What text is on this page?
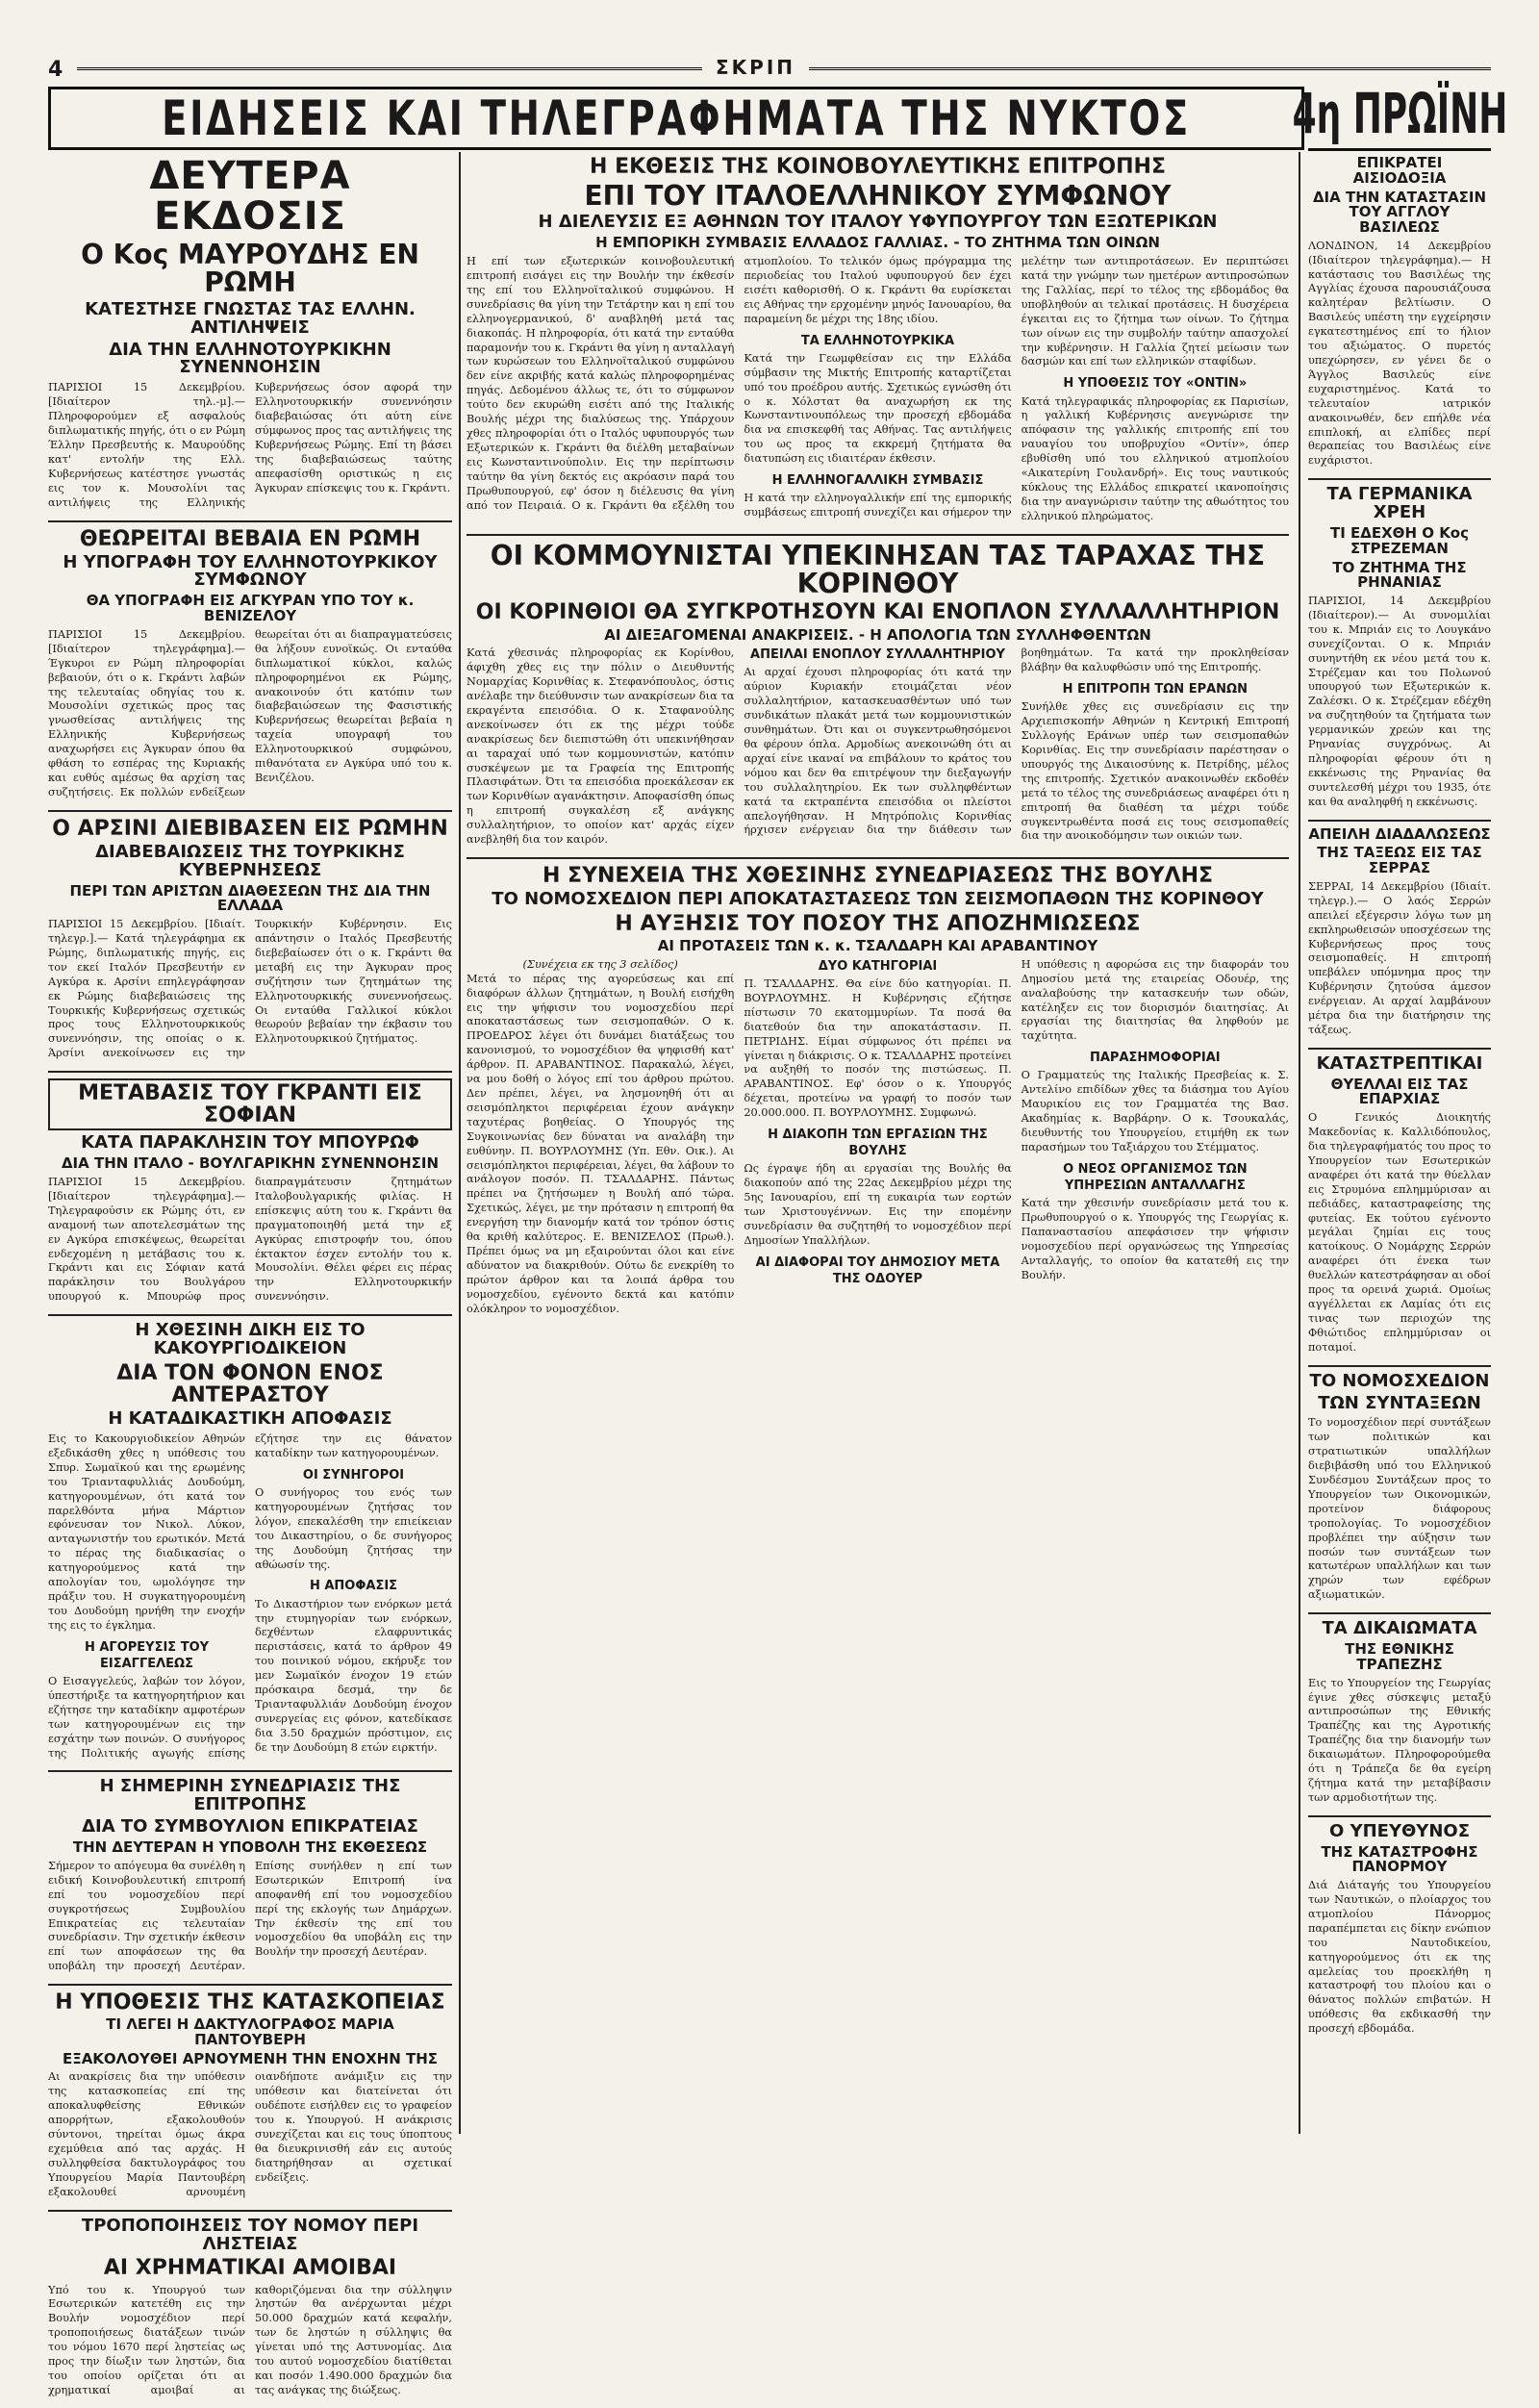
4	ΣΚΡΙΠ
ΕΙΔΗΣΕΙΣ ΚΑΙ ΤΗΛΕΓΡΑΦΗΜΑΤΑ ΤΗΣ ΝΥΚΤΟΣ 4η ΠΡΩΪΝΗ
ΔΕΥΤΕΡΑ ΕΚΔΟΣΙΣ
Ο Κος ΜΑΥΡΟΥΔΗΣ ΕΝ ΡΩΜΗ
ΚΑΤΕΣΤΗΣΕ ΓΝΩΣΤΑΣ ΤΑΣ ΕΛΛΗΝ. ΑΝΤΙΛΗΨΕΙΣ
ΔΙΑ ΤΗΝ ΕΛΛΗΝΟΤΟΥΡΚΙΚΗΝ ΣΥΝΕΝΝΟΗΣΙΝ
ΠΑΡΙΣΙΟΙ 15 Δεκεμβρίου. [Ιδιαίτερον τηλ.-μ].— Πληροφορούμεν εξ ασφαλούς διπλωματικής πηγής, ότι ο εν Ρώμη Έλλην Πρεσβευτής κ. Μαυρούδης κατ' εντολήν της Ελλ. Κυβερνήσεως κατέστησε γνωστάς εις τον κ. Μουσολίνι τας αντιλήψεις της Ελληνικής Κυβερνήσεως όσον αφορά την Ελληνοτουρκικήν συνεννόησιν διαβεβαιώσας ότι αύτη είνε σύμφωνος προς τας αντιλήψεις της Κυβερνήσεως Ρώμης. Επί τη βάσει της διαβεβαιώσεως ταύτης απεφασίσθη οριστικώς η εις Άγκυραν επίσκεψις του κ. Γκράντι.
ΘΕΩΡΕΙΤΑΙ ΒΕΒΑΙΑ ΕΝ ΡΩΜΗ
Η ΥΠΟΓΡΑΦΗ ΤΟΥ ΕΛΛΗΝΟΤΟΥΡΚΙΚΟΥ ΣΥΜΦΩΝΟΥ
ΘΑ ΥΠΟΓΡΑΦΗ ΕΙΣ ΑΓΚΥΡΑΝ ΥΠΟ ΤΟΥ κ. ΒΕΝΙΖΕΛΟΥ
ΠΑΡΙΣΙΟΙ 15 Δεκεμβρίου. [Ιδιαίτερον τηλεγράφημα].— Έγκυροι εν Ρώμη πληροφορίαι βεβαιούν, ότι ο κ. Γκράντι λαβών της τελευταίας οδηγίας του κ. Μουσολίνι σχετικώς προς τας γνωσθείσας αντιλήψεις της Ελληνικής Κυβερνήσεως αναχωρήσει εις Άγκυραν όπου θα φθάση το εσπέρας της Κυριακής και ευθύς αμέσως θα αρχίση τας συζητήσεις. Εκ πολλών ενδείξεων θεωρείται ότι αι διαπραγματεύσεις θα λήξουν ευνοϊκώς. Οι ενταύθα διπλωματικοί κύκλοι, καλώς πληροφορημένοι εκ Ρώμης, ανακοινούν ότι κατόπιν των διαβεβαιώσεων της Φασιστικής Κυβερνήσεως θεωρείται βεβαία η ταχεία υπογραφή του Ελληνοτουρκικού συμφώνου, πιθανότατα εν Αγκύρα υπό του κ. Βενιζέλου.
Ο ΑΡΣΙΝΙ ΔΙΕΒΙΒΑΣΕΝ ΕΙΣ ΡΩΜΗΝ
ΔΙΑΒΕΒΑΙΩΣΕΙΣ ΤΗΣ ΤΟΥΡΚΙΚΗΣ ΚΥΒΕΡΝΗΣΕΩΣ
ΠΕΡΙ ΤΩΝ ΑΡΙΣΤΩΝ ΔΙΑΘΕΣΕΩΝ ΤΗΣ ΔΙΑ ΤΗΝ ΕΛΛΑΔΑ
ΠΑΡΙΣΙΟΙ 15 Δεκεμβρίου. [Ιδιαίτ. τηλεγρ.].— Κατά τηλεγράφημα εκ Ρώμης, διπλωματικής πηγής, εις τον εκεί Ιταλόν Πρεσβευτήν εν Αγκύρα κ. Αρσίνι επηλεγράφησαν εκ Ρώμης διαβεβαιώσεις της Τουρκικής Κυβερνήσεως σχετικώς προς τους Ελληνοτουρκικούς συνεννόησιν, της οποίας ο κ. Άρσίνι ανεκοίνωσεν εις την Τουρκικήν Κυβέρνησιν. Εις απάντησιν ο Ιταλός Πρεσβευτής διεβεβαίωσεν ότι ο κ. Γκράντι θα μεταβή εις την Άγκυραν προς συζήτησιν των ζητημάτων της Ελληνοτουρκικής συνεννοήσεως. Οι ενταύθα Γαλλικοί κύκλοι θεωρούν βεβαίαν την έκβασιν του Ελληνοτουρκικού ζητήματος.
ΜΕΤΑΒΑΣΙΣ ΤΟΥ ΓΚΡΑΝΤΙ ΕΙΣ ΣΟΦΙΑΝ
ΚΑΤΑ ΠΑΡΑΚΛΗΣΙΝ ΤΟΥ ΜΠΟΥΡΩΦ
ΔΙΑ ΤΗΝ ΙΤΑΛΟ - ΒΟΥΛΓΑΡΙΚΗΝ ΣΥΝΕΝΝΟΗΣΙΝ
ΠΑΡΙΣΙΟΙ 15 Δεκεμβρίου. [Ιδιαίτερον τηλεγράφημα].— Τηλεγραφούσιν εκ Ρώμης ότι, εν αναμονή των αποτελεσμάτων της εν Αγκύρα επισκέψεως, θεωρείται ενδεχομένη η μετάβασις του κ. Γκράντι και εις Σόφιαν κατά παράκλησιν του Βουλγάρου υπουργού κ. Μπουρώφ προς διαπραγμάτευσιν ζητημάτων Ιταλοβουλγαρικής φιλίας. Η επίσκεψις αύτη του κ. Γκράντι θα πραγματοποιηθή μετά την εξ Αγκύρας επιστροφήν του, όπου έκτακτον έσχεν εντολήν του κ. Μουσολίνι. Θέλει φέρει εις πέρας την Ελληνοτουρκικήν συνεννόησιν.
Η ΧΘΕΣΙΝΗ ΔΙΚΗ ΕΙΣ ΤΟ ΚΑΚΟΥΡΓΙΟΔΙΚΕΙΟΝ
ΔΙΑ ΤΟΝ ΦΟΝΟΝ ΕΝΟΣ ΑΝΤΕΡΑΣΤΟΥ
Η ΚΑΤΑΔΙΚΑΣΤΙΚΗ ΑΠΟΦΑΣΙΣ
Εις το Κακουργιοδικείον Αθηνών εξεδικάσθη χθες η υπόθεσις του Σπυρ. Σωμαϊκού και της ερωμένης του Τριανταφυλλιάς Δουδούμη, κατηγορουμένων, ότι κατά τον παρελθόντα μήνα Μάρτιον εφόνευσαν τον Νικολ. Λύκον, ανταγωνιστήν του ερωτικόν. Μετά το πέρας της διαδικασίας ο κατηγορούμενος κατά την απολογίαν του, ωμολόγησε την πράξιν του. Η συγκατηγορουμένη του Δουδούμη ηρνήθη την ενοχήν της εις το έγκλημα.
Η ΑΓΟΡΕΥΣΙΣ ΤΟΥ ΕΙΣΑΓΓΕΛΕΩΣ
Ο Εισαγγελεύς, λαβών τον λόγον, ύπεστήριξε τα κατηγορητήριον και εζήτησε την καταδίκην αμφοτέρων των κατηγορουμένων εις την εσχάτην των ποινών. Ο συνήγορος της Πολιτικής αγωγής επίσης εζήτησε την εις θάνατον καταδίκην των κατηγορουμένων.
ΟΙ ΣΥΝΗΓΟΡΟΙ
Ο συνήγορος του ενός των κατηγορουμένων ζητήσας τον λόγον, επεκαλέσθη την επιείκειαν του Δικαστηρίου, ο δε συνήγορος της Δουδούμη ζητήσας την αθώωσίν της.
Η ΑΠΟΦΑΣΙΣ
Το Δικαστήριον των ενόρκων μετά την ετυμηγορίαν των ενόρκων, δεχθέντων ελαφρυντικάς περιστάσεις, κατά το άρθρον 49 του ποινικού νόμου, εκήρυξε τον μεν Σωμαϊκόν ένοχον 19 ετών πρόσκαιρα δεσμά, την δε Τριανταφυλλιάν Δουδούμη ένοχον συνεργείας εις φόνον, κατεδίκασε δια 3.50 δραχμών πρόστιμον, εις δε την Δουδούμη 8 ετών ειρκτήν.
Η ΣΗΜΕΡΙΝΗ ΣΥΝΕΔΡΙΑΣΙΣ ΤΗΣ ΕΠΙΤΡΟΠΗΣ
ΔΙΑ ΤΟ ΣΥΜΒΟΥΛΙΟΝ ΕΠΙΚΡΑΤΕΙΑΣ
ΤΗΝ ΔΕΥΤΕΡΑΝ Η ΥΠΟΒΟΛΗ ΤΗΣ ΕΚΘΕΣΕΩΣ
Σήμερον το απόγευμα θα συνέλθη η ειδική Κοινοβουλευτική επιτροπή επί του νομοσχεδίου περί συγκροτήσεως Συμβουλίου Επικρατείας εις τελευταίαν συνεδρίασιν. Την σχετικήν έκθεσιν επί των αποφάσεων της θα υποβάλη την προσεχή Δευτέραν. Επίσης συνήλθεν η επί των Εσωτερικών Επιτροπή ίνα αποφανθή επί του νομοσχεδίου περί της εκλογής των Δημάρχων. Την έκθεσίν της επί του νομοσχεδίου θα υποβάλη εις την Βουλήν την προσεχή Δευτέραν.
Η ΥΠΟΘΕΣΙΣ ΤΗΣ ΚΑΤΑΣΚΟΠΕΙΑΣ
ΤΙ ΛΕΓΕΙ Η ΔΑΚΤΥΛΟΓΡΑΦΟΣ ΜΑΡΙΑ ΠΑΝΤΟΥΒΕΡΗ
ΕΞΑΚΟΛΟΥΘΕΙ ΑΡΝΟΥΜΕΝΗ ΤΗΝ ΕΝΟΧΗΝ ΤΗΣ
Αι ανακρίσεις δια την υπόθεσιν της κατασκοπείας επί της αποκαλυφθείσης Εθνικών απορρήτων, εξακολουθούν σύντονοι, τηρείται όμως άκρα εχεμύθεια από τας αρχάς. Η συλληφθείσα δακτυλογράφος του Υπουργείου Μαρία Παντουβέρη εξακολουθεί αρνουμένη οιανδήποτε ανάμιξιν εις την υπόθεσιν και διατείνεται ότι ουδέποτε εισήλθεν εις το γραφείον του κ. Υπουργού. Η ανάκρισις συνεχίζεται και εις τους ύποπτους θα διευκρινισθή εάν εις αυτούς διατηρήθησαν αι σχετικαί ενδείξεις.
ΤΡΟΠΟΠΟΙΗΣΕΙΣ ΤΟΥ ΝΟΜΟΥ ΠΕΡΙ ΛΗΣΤΕΙΑΣ
ΑΙ ΧΡΗΜΑΤΙΚΑΙ ΑΜΟΙΒΑΙ
Υπό του κ. Υπουργού των Εσωτερικών κατετέθη εις την Βουλήν νομοσχέδιον περί τροποποιήσεως διατάξεων τινών του νόμου 1670 περί ληστείας ως προς την δίωξιν των ληστών, δια του οποίου ορίζεται ότι αι χρηματικαί αμοιβαί αι καθοριζόμεναι δια την σύλληψιν ληστών θα ανέρχωνται μέχρι 50.000 δραχμών κατά κεφαλήν, των δε ληστών η σύλληψις θα γίνεται υπό της Αστυνομίας. Δια του αυτού νομοσχεδίου διατίθεται και ποσόν 1.490.000 δραχμών δια τας ανάγκας της διώξεως.
Η ΕΚΘΕΣΙΣ ΤΗΣ ΚΟΙΝΟΒΟΥΛΕΥΤΙΚΗΣ ΕΠΙΤΡΟΠΗΣ
ΕΠΙ ΤΟΥ ΙΤΑΛΟΕΛΛΗΝΙΚΟΥ ΣΥΜΦΩΝΟΥ
Η ΔΙΕΛΕΥΣΙΣ ΕΞ ΑΘΗΝΩΝ ΤΟΥ ΙΤΑΛΟΥ ΥΦΥΠΟΥΡΓΟΥ ΤΩΝ ΕΞΩΤΕΡΙΚΩΝ
Η ΕΜΠΟΡΙΚΗ ΣΥΜΒΑΣΙΣ ΕΛΛΑΔΟΣ ΓΑΛΛΙΑΣ. - ΤΟ ΖΗΤΗΜΑ ΤΩΝ ΟΙΝΩΝ
Η επί των εξωτερικών κοινοβουλευτική επιτροπή εισάγει εις την Βουλήν την έκθεσίν της επί του Ελληνοϊταλικού συμφώνου. Η συνεδρίασις θα γίνη την Τετάρτην και η επί του ελληνογερμανικού, δ' αναβληθή μετά τας διακοπάς. Η πληροφορία, ότι κατά την ενταύθα παραμονήν του κ. Γκράντι θα γίνη η ανταλλαγή των κυρώσεων του Ελληνοϊταλικού συμφώνου δεν είνε ακριβής κατά καλώς πληροφορημένας πηγάς. Δεδομένου άλλως τε, ότι το σύμφωνον τούτο δεν εκυρώθη εισέτι από της Ιταλικής Βουλής μέχρι της διαλύσεως της. Υπάρχουν χθες πληροφορίαι ότι ο Ιταλός υφυπουργός των Εξωτερικών κ. Γκράντι θα διέλθη μεταβαίνων εις Κωνσταντινούπολιν. Εις την περίπτωσιν ταύτην θα γίνη δεκτός εις ακρόασιν παρά του Πρωθυπουργού, εφ' όσον η διέλευσις θα γίνη από τον Πειραιά. Ο κ. Γκράντι θα εξέλθη του ατμοπλοίου. Το τελικόν όμως πρόγραμμα της περιοδείας του Ιταλού υφυπουργού δεν έχει εισέτι καθορισθή. Ο κ. Γκράντι θα ευρίσκεται εις Αθήνας την ερχομένην μηνός Ιανουαρίου, θα παραμείνη δε μέχρι της 18ης ιδίου.
ΤΑ ΕΛΛΗΝΟΤΟΥΡΚΙΚΑ
Κατά την Γεωμφθείσαν εις την Ελλάδα σύμβασιν της Μικτής Επιτροπής καταρτίζεται υπό του προέδρου αυτής. Σχετικώς εγνώσθη ότι ο κ. Χόλστατ θα αναχωρήση εκ της Κωνσταντινουπόλεως την προσεχή εβδομάδα δια να επισκεφθή τας Αθήνας. Τας αντιλήψεις του ως προς τα εκκρεμή ζητήματα θα διατυπώση εις ιδιαιτέραν έκθεσιν.
Η ΕΛΛΗΝΟΓΑΛΛΙΚΗ ΣΥΜΒΑΣΙΣ
Η κατά την ελληνογαλλικήν επί της εμπορικής συμβάσεως επιτροπή συνεχίζει και σήμερον την μελέτην των αντιπροτάσεων. Εν περιπτώσει κατά την γνώμην των ημετέρων αντιπροσώπων της Γαλλίας, περί το τέλος της εβδομάδος θα υποβληθούν αι τελικαί προτάσεις. Η δυσχέρεια έγκειται εις το ζήτημα των οίνων. Το ζήτημα των οίνων εις την συμβολήν ταύτην απασχολεί την κυβέρνησιν. Η Γαλλία ζητεί μείωσιν των δασμών και επί των ελληνικών σταφίδων.
Η ΥΠΟΘΕΣΙΣ ΤΟΥ «ΟΝΤΙΝ»
Κατά τηλεγραφικάς πληροφορίας εκ Παρισίων, η γαλλική Κυβέρνησις ανεγνώρισε την απόφασιν της γαλλικής επιτροπής επί του ναυαγίου του υποβρυχίου «Οντίν», όπερ εβυθίσθη υπό του ελληνικού ατμοπλοίου «Αικατερίνη Γουλανδρή». Εις τους ναυτικούς κύκλους της Ελλάδος επικρατεί ικανοποίησις δια την αναγνώρισιν ταύτην της αθωότητος του ελληνικού πληρώματος.
ΟΙ ΚΟΜΜΟΥΝΙΣΤΑΙ ΥΠΕΚΙΝΗΣΑΝ ΤΑΣ ΤΑΡΑΧΑΣ ΤΗΣ ΚΟΡΙΝΘΟΥ
ΟΙ ΚΟΡΙΝΘΙΟΙ ΘΑ ΣΥΓΚΡΟΤΗΣΟΥΝ ΚΑΙ ΕΝΟΠΛΟΝ ΣΥΛΛΑΛΛΗΤΗΡΙΟΝ
ΑΙ ΔΙΕΞΑΓΟΜΕΝΑΙ ΑΝΑΚΡΙΣΕΙΣ. - Η ΑΠΟΛΟΓΙΑ ΤΩΝ ΣΥΛΛΗΦΘΕΝΤΩΝ
Κατά χθεσινάς πληροφορίας εκ Κορίνθου, άφιχθη χθες εις την πόλιν ο Διευθυντής Νομαρχίας Κορινθίας κ. Στεφανόπουλος, όστις ανέλαβε την διεύθυνσιν των ανακρίσεων δια τα εκραγέντα επεισόδια. Ο κ. Σταφανούλης ανεκοίνωσεν ότι εκ της μέχρι τούδε ανακρίσεως δεν διεπιστώθη ότι υπεκινήθησαν αι ταραχαί υπό των κομμουνιστών, κατόπιν συσκέψεων με τα Γραφεία της Επιτροπής Πλασιφάτων. Ότι τα επεισόδια προεκάλεσαν εκ των Κορινθίων αγανάκτησιν. Αποφασίσθη όπως η επιτροπή συγκαλέση εξ ανάγκης συλλαλητήριον, το οποίον κατ' αρχάς είχεν ανεβληθή δια τον καιρόν.
ΑΠΕΙΛΑΙ ΕΝΟΠΛΟΥ ΣΥΛΛΑΛΗΤΗΡΙΟΥ
Αι αρχαί έχουσι πληροφορίας ότι κατά την αύριον Κυριακήν ετοιμάζεται νέον συλλαλητήριον, κατασκευασθέντων υπό των συνδικάτων πλακάτ μετά των κομμουνιστικών συνθημάτων. Ότι και οι συγκεντρωθησόμενοι θα φέρουν όπλα. Αρμοδίως ανεκοινώθη ότι αι αρχαί είνε ικαναί να επιβάλουν το κράτος του νόμου και δεν θα επιτρέψουν την διεξαγωγήν του συλλαλητηρίου. Εκ των συλληφθέντων κατά τα εκτραπέντα επεισόδια οι πλείστοι απελογήθησαν. Η Μητρόπολις Κορινθίας ήρχισεν ενέργειαν δια την διάθεσιν των βοηθημάτων. Τα κατά την προκληθείσαν βλάβην θα καλυφθώσιν υπό της Επιτροπής.
Η ΕΠΙΤΡΟΠΗ ΤΩΝ ΕΡΑΝΩΝ
Συνήλθε χθες εις συνεδρίασιν εις την Αρχιεπισκοπήν Αθηνών η Κεντρική Επιτροπή Συλλογής Εράνων υπέρ των σεισμοπαθών Κορινθίας. Εις την συνεδρίασιν παρέστησαν ο υπουργός της Δικαιοσύνης κ. Πετρίδης, μέλος της επιτροπής. Σχετικόν ανακοινωθέν εκδοθέν μετά το τέλος της συνεδριάσεως αναφέρει ότι η επιτροπή θα διαθέση τα μέχρι τούδε συγκεντρωθέντα ποσά εις τους σεισμοπαθείς δια την ανοικοδόμησιν των οικιών των.
Η ΣΥΝΕΧΕΙΑ ΤΗΣ ΧΘΕΣΙΝΗΣ ΣΥΝΕΔΡΙΑΣΕΩΣ ΤΗΣ ΒΟΥΛΗΣ
ΤΟ ΝΟΜΟΣΧΕΔΙΟΝ ΠΕΡΙ ΑΠΟΚΑΤΑΣΤΑΣΕΩΣ ΤΩΝ ΣΕΙΣΜΟΠΑΘΩΝ ΤΗΣ ΚΟΡΙΝΘΟΥ
Η ΑΥΞΗΣΙΣ ΤΟΥ ΠΟΣΟΥ ΤΗΣ ΑΠΟΖΗΜΙΩΣΕΩΣ
ΑΙ ΠΡΟΤΑΣΕΙΣ ΤΩΝ κ. κ. ΤΣΑΛΔΑΡΗ ΚΑΙ ΑΡΑΒΑΝΤΙΝΟΥ
(Συνέχεια εκ της 3 σελίδος)
Μετά το πέρας της αγορεύσεως και επί διαφόρων άλλων ζητημάτων, η Βουλή εισήχθη εις την ψήφισιν του νομοσχεδίου περί αποκαταστάσεως των σεισμοπαθών. Ο κ. ΠΡΟΕΔΡΟΣ λέγει ότι δυνάμει διατάξεως του κανονισμού, το νομοσχέδιον θα ψηφισθή κατ' άρθρον. Π. ΑΡΑΒΑΝΤΙΝΟΣ. Παρακαλώ, λέγει, να μου δοθή ο λόγος επί του άρθρου πρώτου. Δεν πρέπει, λέγει, να λησμονηθή ότι αι σεισμόπληκτοι περιφέρειαι έχουν ανάγκην ταχυτέρας βοηθείας. Ο Υπουργός της Συγκοινωνίας δεν δύναται να αναλάβη την ευθύνην. Π. ΒΟΥΡΛΟΥΜΗΣ (Υπ. Εθν. Οικ.). Αι σεισμόπληκτοι περιφέρειαι, λέγει, θα λάβουν το ανάλογον ποσόν. Π. ΤΣΑΛΔΑΡΗΣ. Πάντως πρέπει να ζητήσωμεν η Βουλή από τώρα. Σχετικώς, λέγει, με την πρότασιν η επιτροπή θα ενεργήση την διανομήν κατά τον τρόπον όστις θα κριθή καλύτερος. Ε. ΒΕΝΙΖΕΛΟΣ (Πρωθ.). Πρέπει όμως να μη εξαιρούνται όλοι και είνε αδύνατον να διακριθούν. Ούτω δε ενεκρίθη το πρώτον άρθρον και τα λοιπά άρθρα του νομοσχεδίου, εγένοντο δεκτά και κατόπιν ολόκληρον το νομοσχέδιον.
ΔΥΟ ΚΑΤΗΓΟΡΙΑΙ
Π. ΤΣΑΛΔΑΡΗΣ. Θα είνε δύο κατηγορίαι. Π. ΒΟΥΡΛΟΥΜΗΣ. Η Κυβέρνησις εζήτησε πίστωσιν 70 εκατομμυρίων. Τα ποσά θα διατεθούν δια την αποκατάστασιν. Π. ΠΕΤΡΙΔΗΣ. Είμαι σύμφωνος ότι πρέπει να γίνεται η διάκρισις. Ο κ. ΤΣΑΛΔΑΡΗΣ προτείνει να αυξηθή το ποσόν της πιστώσεως. Π. ΑΡΑΒΑΝΤΙΝΟΣ. Εφ' όσον ο κ. Υπουργός δέχεται, προτείνω να γραφή το ποσόν των 20.000.000. Π. ΒΟΥΡΛΟΥΜΗΣ. Συμφωνώ.
Η ΔΙΑΚΟΠΗ ΤΩΝ ΕΡΓΑΣΙΩΝ ΤΗΣ ΒΟΥΛΗΣ
Ως έγραψε ήδη αι εργασίαι της Βουλής θα διακοπούν από της 22ας Δεκεμβρίου μέχρι της 5ης Ιανουαρίου, επί τη ευκαιρία των εορτών των Χριστουγέννων. Εις την επομένην συνεδρίασιν θα συζητηθή το νομοσχέδιον περί Δημοσίων Υπαλλήλων.
ΑΙ ΔΙΑΦΟΡΑΙ ΤΟΥ ΔΗΜΟΣΙΟΥ ΜΕΤΑ ΤΗΣ ΟΔΟΥΕΡ
Η υπόθεσις η αφορώσα εις την διαφοράν του Δημοσίου μετά της εταιρείας Οδουέρ, της αναλαβούσης την κατασκευήν των οδών, κατέληξεν εις τον διορισμόν διαιτησίας. Αι εργασίαι της διαιτησίας θα ληφθούν με ταχύτητα.
ΠΑΡΑΣΗΜΟΦΟΡΙΑΙ
Ο Γραμματεύς της Ιταλικής Πρεσβείας κ. Σ. Αντελίνο επιδίδων χθες τα διάσημα του Αγίου Μαυρικίου εις τον Γραμματέα της Βασ. Ακαδημίας κ. Βαρβάρην. Ο κ. Τσουκαλάς, διευθυντής του Υπουργείου, ετιμήθη εκ των παρασήμων του Ταξιάρχου του Στέμματος.
Ο ΝΕΟΣ ΟΡΓΑΝΙΣΜΟΣ ΤΩΝ ΥΠΗΡΕΣΙΩΝ ΑΝΤΑΛΛΑΓΗΣ
Κατά την χθεσινήν συνεδρίασιν μετά του κ. Πρωθυπουργού ο κ. Υπουργός της Γεωργίας κ. Παπαναστασίου απεφάσισεν την ψήφισιν νομοσχεδίου περί οργανώσεως της Υπηρεσίας Ανταλλαγής, το οποίον θα κατατεθή εις την Βουλήν.
ΕΠΙΚΡΑΤΕΙ ΑΙΣΙΟΔΟΞΙΑ
ΔΙΑ ΤΗΝ ΚΑΤΑΣΤΑΣΙΝ ΤΟΥ ΑΓΓΛΟΥ ΒΑΣΙΛΕΩΣ
ΛΟΝΔΙΝΟΝ, 14 Δεκεμβρίου (Ιδιαίτερον τηλεγράφημα).— Η κατάστασις του Βασιλέως της Αγγλίας έχουσα παρουσιάζουσα καλητέραν βελτίωσιν. Ο Βασιλεύς υπέστη την εγχείρησιν εγκατεστημένος επί το ήλιον του αξιώματος. Ο πυρετός υπεχώρησεν, εν γένει δε ο Άγγλος Βασιλεύς είνε ευχαριστημένος. Κατά το τελευταίον ιατρικόν ανακοινωθέν, δεν επήλθε νέα επιπλοκή, αι ελπίδες περί θεραπείας του Βασιλέως είνε ευχάριστοι.
ΤΑ ΓΕΡΜΑΝΙΚΑ ΧΡΕΗ
ΤΙ ΕΔΕΧΘΗ Ο Κος ΣΤΡΕΖΕΜΑΝ
ΤΟ ΖΗΤΗΜΑ ΤΗΣ ΡΗΝΑΝΙΑΣ
ΠΑΡΙΣΙΟΙ, 14 Δεκεμβρίου (Ιδιαίτερον).— Αι συνομιλίαι του κ. Μπριάν εις το Λουγκάνο συνεχίζονται. Ο κ. Μπριάν συνηντήθη εκ νέου μετά του κ. Στρέζεμαν και του Πολωνού υπουργού των Εξωτερικών κ. Ζαλέσκι. Ο κ. Στρέζεμαν εδέχθη να συζητηθούν τα ζητήματα των γερμανικών χρεών και της Ρηνανίας συγχρόνως. Αι πληροφορίαι φέρουν ότι η εκκένωσις της Ρηνανίας θα συντελεσθή μέχρι του 1935, ότε και θα αναληφθή η εκκένωσις.
ΑΠΕΙΛΗ ΔΙΑΔΑΛΩΣΕΩΣ
ΤΗΣ ΤΑΞΕΩΣ ΕΙΣ ΤΑΣ ΣΕΡΡΑΣ
ΣΕΡΡΑΙ, 14 Δεκεμβρίου (Ιδιαίτ. τηλεγρ.).— Ο λαός Σερρών απειλεί εξέγερσιν λόγω των μη εκπληρωθεισών υποσχέσεων της Κυβερνήσεως προς τους σεισμοπαθείς. Η επιτροπή υπεβάλεν υπόμνημα προς την Κυβέρνησιν ζητούσα άμεσον ενέργειαν. Αι αρχαί λαμβάνουν μέτρα δια την διατήρησιν της τάξεως.
ΚΑΤΑΣΤΡΕΠΤΙΚΑΙ
ΘΥΕΛΛΑΙ ΕΙΣ ΤΑΣ ΕΠΑΡΧΙΑΣ
Ο Γενικός Διοικητής Μακεδονίας κ. Καλλιδόπουλος, δια τηλεγραφήματός του προς το Υπουργείον των Εσωτερικών αναφέρει ότι κατά την θύελλαν εις Στρυμόνα επλημμύρισαν αι πεδιάδες, καταστραφείσης της φυτείας. Εκ τούτου εγένοντο μεγάλαι ζημίαι εις τους κατοίκους. Ο Νομάρχης Σερρών αναφέρει ότι ένεκα των θυελλών κατεστράφησαν αι οδοί προς τα ορεινά χωριά. Ομοίως αγγέλλεται εκ Λαμίας ότι εις τινας των περιοχών της Φθιώτιδος επλημμύρισαν οι ποταμοί.
ΤΟ ΝΟΜΟΣΧΕΔΙΟΝ
ΤΩΝ ΣΥΝΤΑΞΕΩΝ
Το νομοσχέδιον περί συντάξεων των πολιτικών και στρατιωτικών υπαλλήλων διεβιβάσθη υπό του Ελληνικού Συνδέσμου Συντάξεων προς το Υπουργείον των Οικονομικών, προτείνον διάφορους τροπολογίας. Το νομοσχέδιον προβλέπει την αύξησιν των ποσών των συντάξεων των κατωτέρων υπαλλήλων και των χηρών των εφέδρων αξιωματικών.
ΤΑ ΔΙΚΑΙΩΜΑΤΑ
ΤΗΣ ΕΘΝΙΚΗΣ ΤΡΑΠΕΖΗΣ
Εις το Υπουργείον της Γεωργίας έγινε χθες σύσκεψις μεταξύ αντιπροσώπων της Εθνικής Τραπέζης και της Αγροτικής Τραπέζης δια την διανομήν των δικαιωμάτων. Πληροφορούμεθα ότι η Τράπεζα δε θα εγείρη ζήτημα κατά την μεταβίβασιν των αρμοδιοτήτων της.
Ο ΥΠΕΥΘΥΝΟΣ
ΤΗΣ ΚΑΤΑΣΤΡΟΦΗΣ ΠΑΝΟΡΜΟΥ
Διά Διάταγής του Υπουργείου των Ναυτικών, ο πλοίαρχος του ατμοπλοίου Πάνορμος παραπέμπεται εις δίκην ενώπιον του Ναυτοδικείου, κατηγορούμενος ότι εκ της αμελείας του προεκλήθη η καταστροφή του πλοίου και ο θάνατος πολλών επιβατών. Η υπόθεσις θα εκδικασθή την προσεχή εβδομάδα.
